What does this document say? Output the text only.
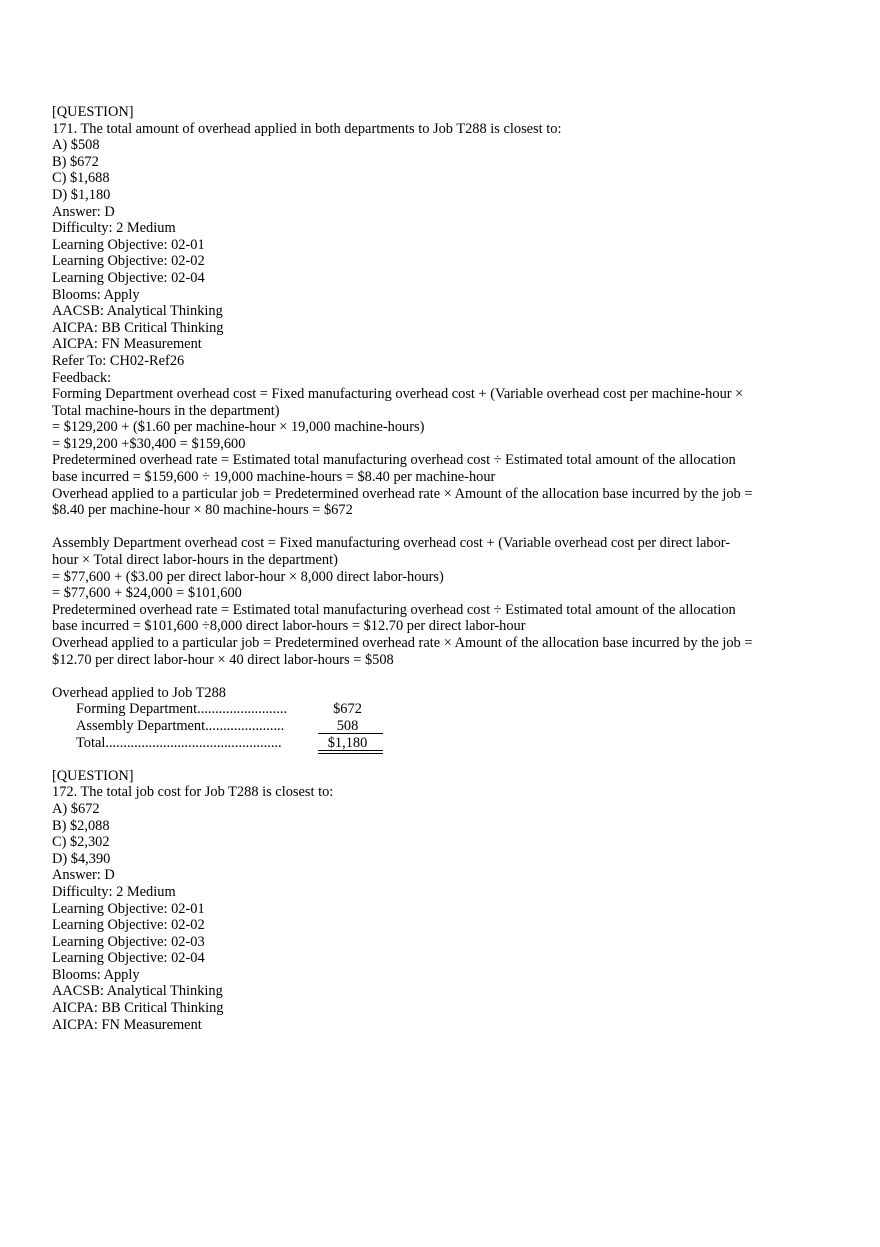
[QUESTION]
171. The total amount of overhead applied in both departments to Job T288 is closest to:
A) $508
B) $672
C) $1,688
D) $1,180
Answer: D
Difficulty: 2 Medium
Learning Objective: 02-01
Learning Objective: 02-02
Learning Objective: 02-04
Blooms: Apply
AACSB: Analytical Thinking
AICPA: BB Critical Thinking
AICPA: FN Measurement
Refer To: CH02-Ref26
Feedback:
Forming Department overhead cost = Fixed manufacturing overhead cost + (Variable overhead cost per machine-hour ×
Total machine-hours in the department)
= $129,200 + ($1.60 per machine-hour × 19,000 machine-hours)
= $129,200 +$30,400 = $159,600
Predetermined overhead rate = Estimated total manufacturing overhead cost ÷ Estimated total amount of the allocation
base incurred = $159,600 ÷ 19,000 machine-hours = $8.40 per machine-hour
Overhead applied to a particular job = Predetermined overhead rate × Amount of the allocation base incurred by the job =
$8.40 per machine-hour × 80 machine-hours = $672
Assembly Department overhead cost = Fixed manufacturing overhead cost + (Variable overhead cost per direct labor-
hour × Total direct labor-hours in the department)
= $77,600 + ($3.00 per direct labor-hour × 8,000 direct labor-hours)
= $77,600 + $24,000 = $101,600
Predetermined overhead rate = Estimated total manufacturing overhead cost ÷ Estimated total amount of the allocation
base incurred = $101,600 ÷8,000 direct labor-hours = $12.70 per direct labor-hour
Overhead applied to a particular job = Predetermined overhead rate × Amount of the allocation base incurred by the job =
$12.70 per direct labor-hour × 40 direct labor-hours = $508
Overhead applied to Job T288
Forming Department.........................	$672
Assembly Department......................	508
Total.................................................	$1,180
[QUESTION]
172. The total job cost for Job T288 is closest to:
A) $672
B) $2,088
C) $2,302
D) $4,390
Answer: D
Difficulty: 2 Medium
Learning Objective: 02-01
Learning Objective: 02-02
Learning Objective: 02-03
Learning Objective: 02-04
Blooms: Apply
AACSB: Analytical Thinking
AICPA: BB Critical Thinking
AICPA: FN Measurement
